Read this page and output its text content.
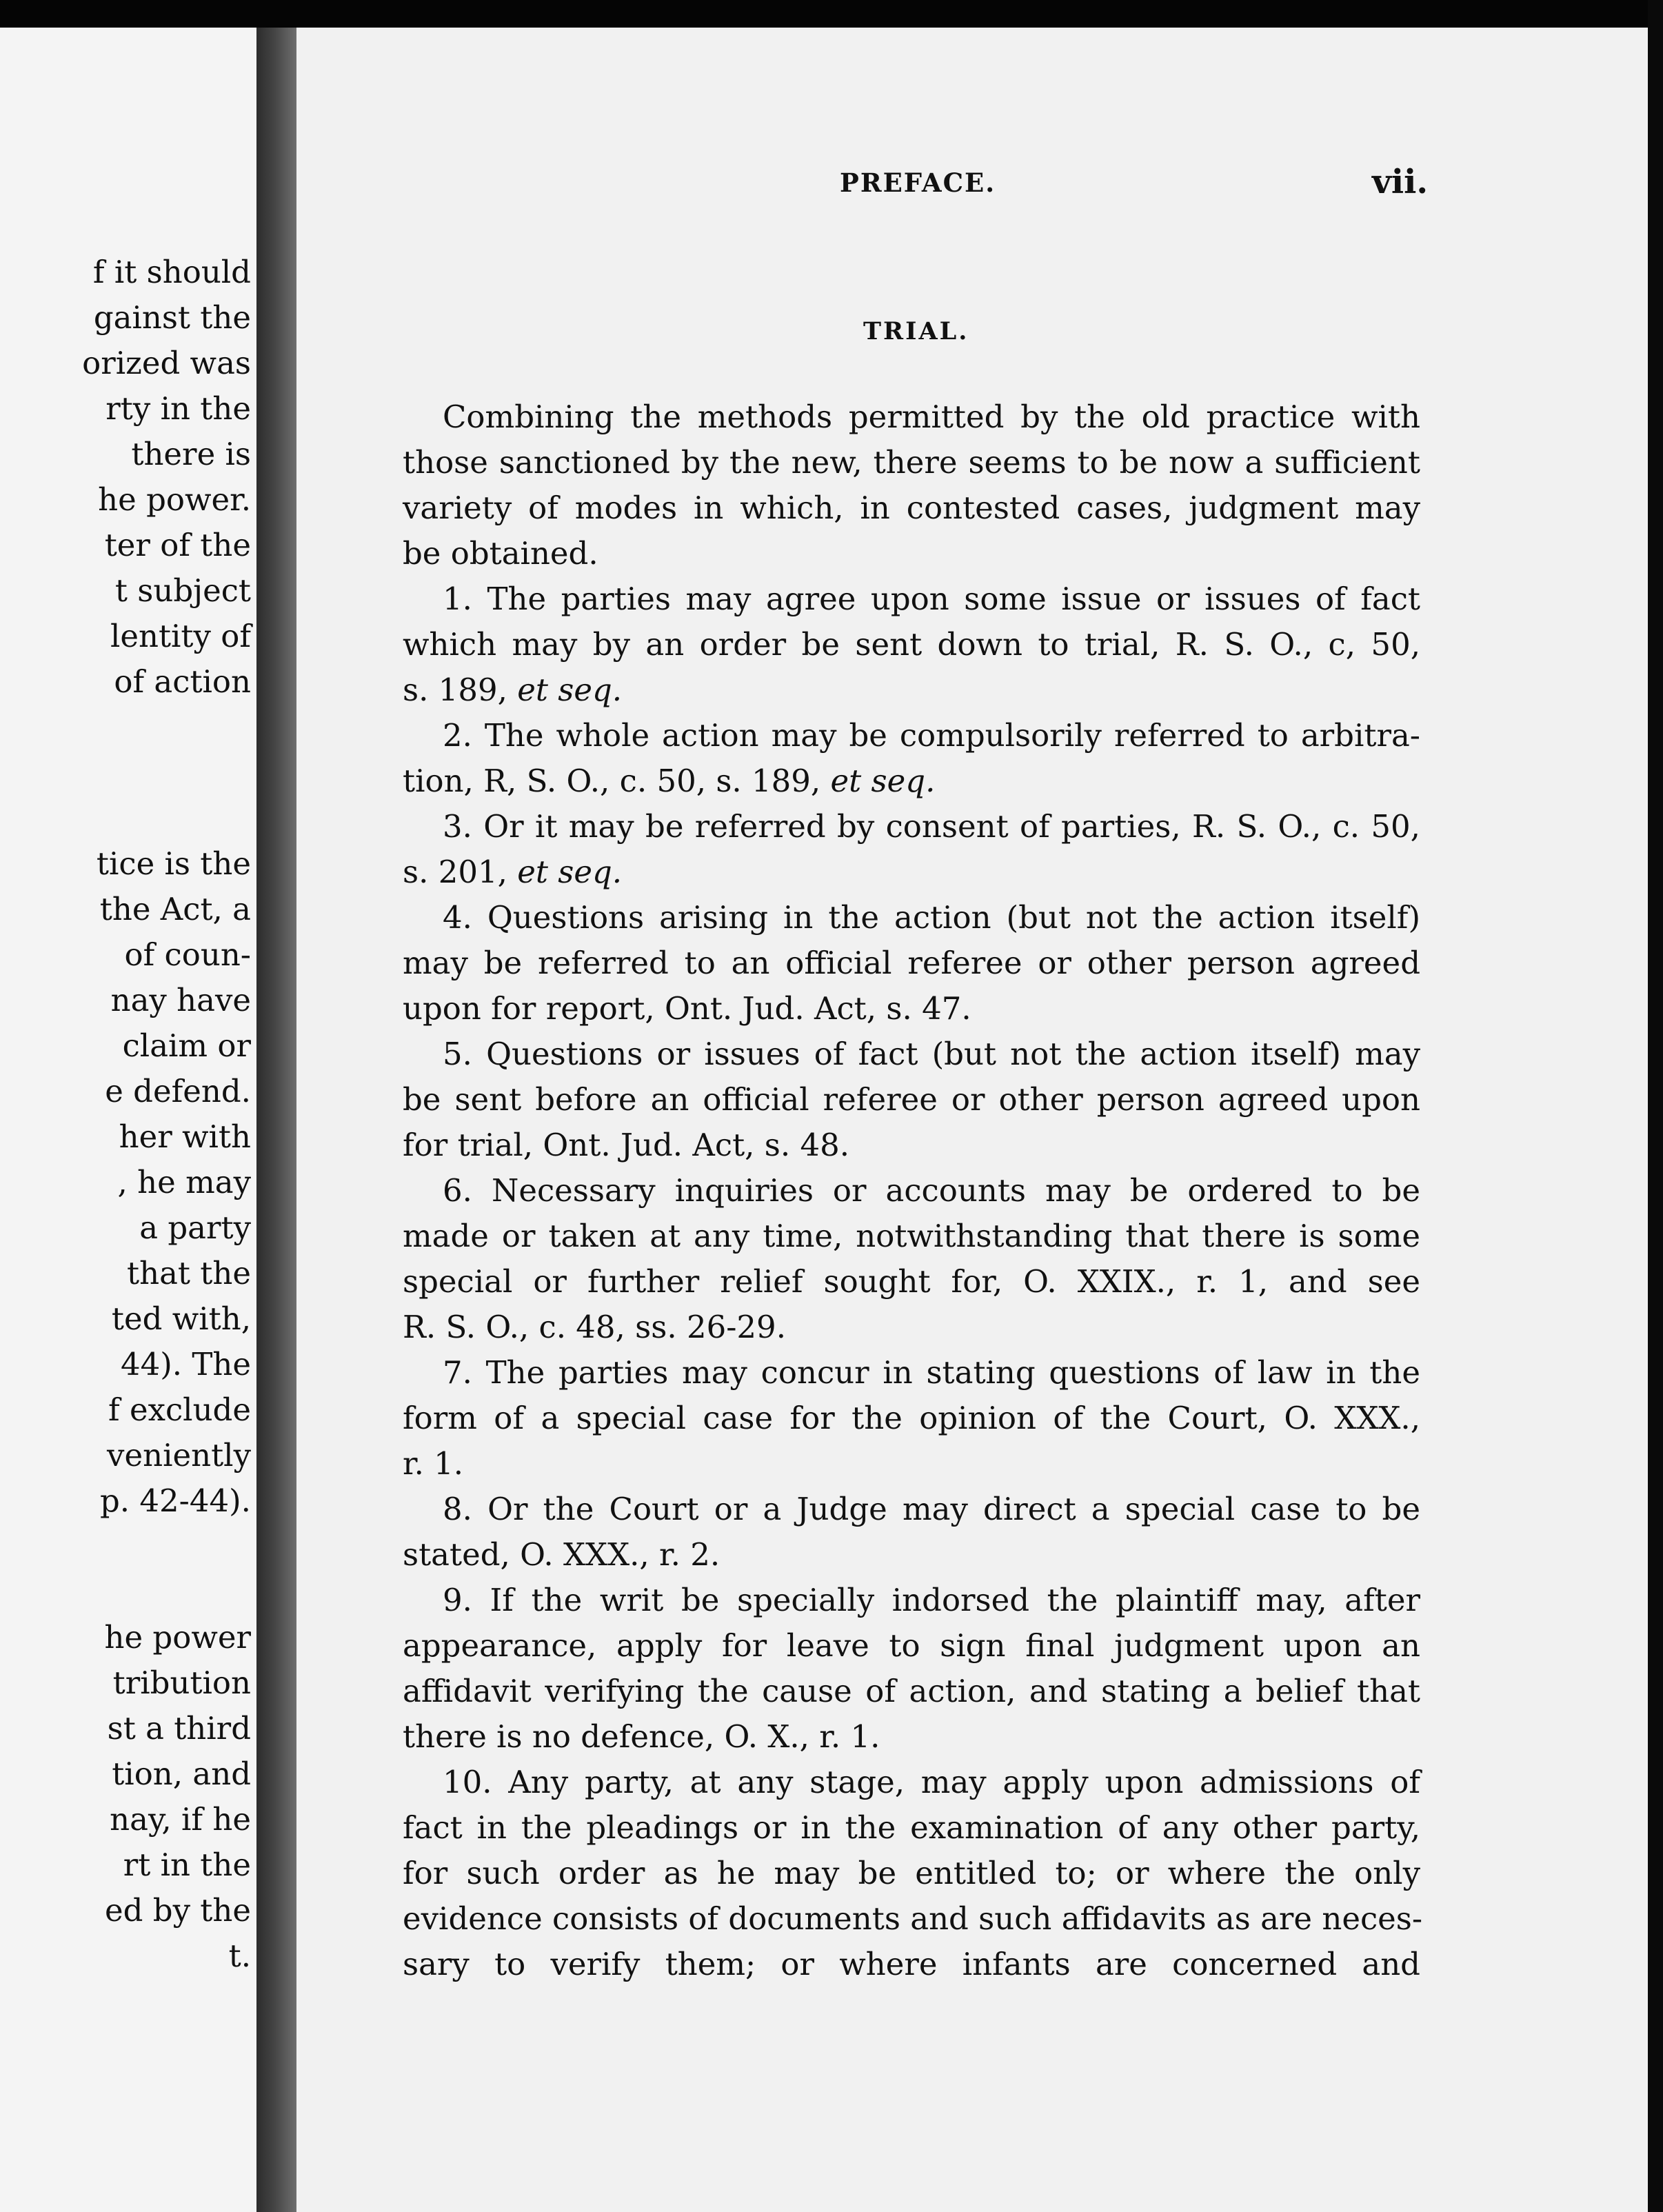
f it should
gainst the
orized was
rty in the
there is
he power.
ter of the
t subject
lentity of
of action
tice is the
the Act, a
of coun-
nay have
claim or
e defend.
her with
, he may
a party
that the
ted with,
44). The
f exclude
veniently
p. 42-44).
he power
tribution
st a third
tion, and
nay, if he
rt in the
ed by the
t.
PREFACE.	vii.
TRIAL.
Combining the methods permitted by the old practice with
those sanctioned by the new, there seems to be now a sufficient
variety of modes in which, in contested cases, judgment may
be obtained.
1. The parties may agree upon some issue or issues of fact
which may by an order be sent down to trial, R. S. O., c, 50,
s. 189, et seq.
2. The whole action may be compulsorily referred to arbitra-
tion, R, S. O., c. 50, s. 189, et seq.
3. Or it may be referred by consent of parties, R. S. O., c. 50,
s. 201, et seq.
4. Questions arising in the action (but not the action itself)
may be referred to an official referee or other person agreed
upon for report, Ont. Jud. Act, s. 47.
5. Questions or issues of fact (but not the action itself) may
be sent before an official referee or other person agreed upon
for trial, Ont. Jud. Act, s. 48.
6. Necessary inquiries or accounts may be ordered to be
made or taken at any time, notwithstanding that there is some
special or further relief sought for, O. XXIX., r. 1, and see
R. S. O., c. 48, ss. 26-29.
7. The parties may concur in stating questions of law in the
form of a special case for the opinion of the Court, O. XXX.,
r. 1.
8. Or the Court or a Judge may direct a special case to be
stated, O. XXX., r. 2.
9. If the writ be specially indorsed the plaintiff may, after
appearance, apply for leave to sign final judgment upon an
affidavit verifying the cause of action, and stating a belief that
there is no defence, O. X., r. 1.
10. Any party, at any stage, may apply upon admissions of
fact in the pleadings or in the examination of any other party,
for such order as he may be entitled to; or where the only
evidence consists of documents and such affidavits as are neces-
sary to verify them; or where infants are concerned and
